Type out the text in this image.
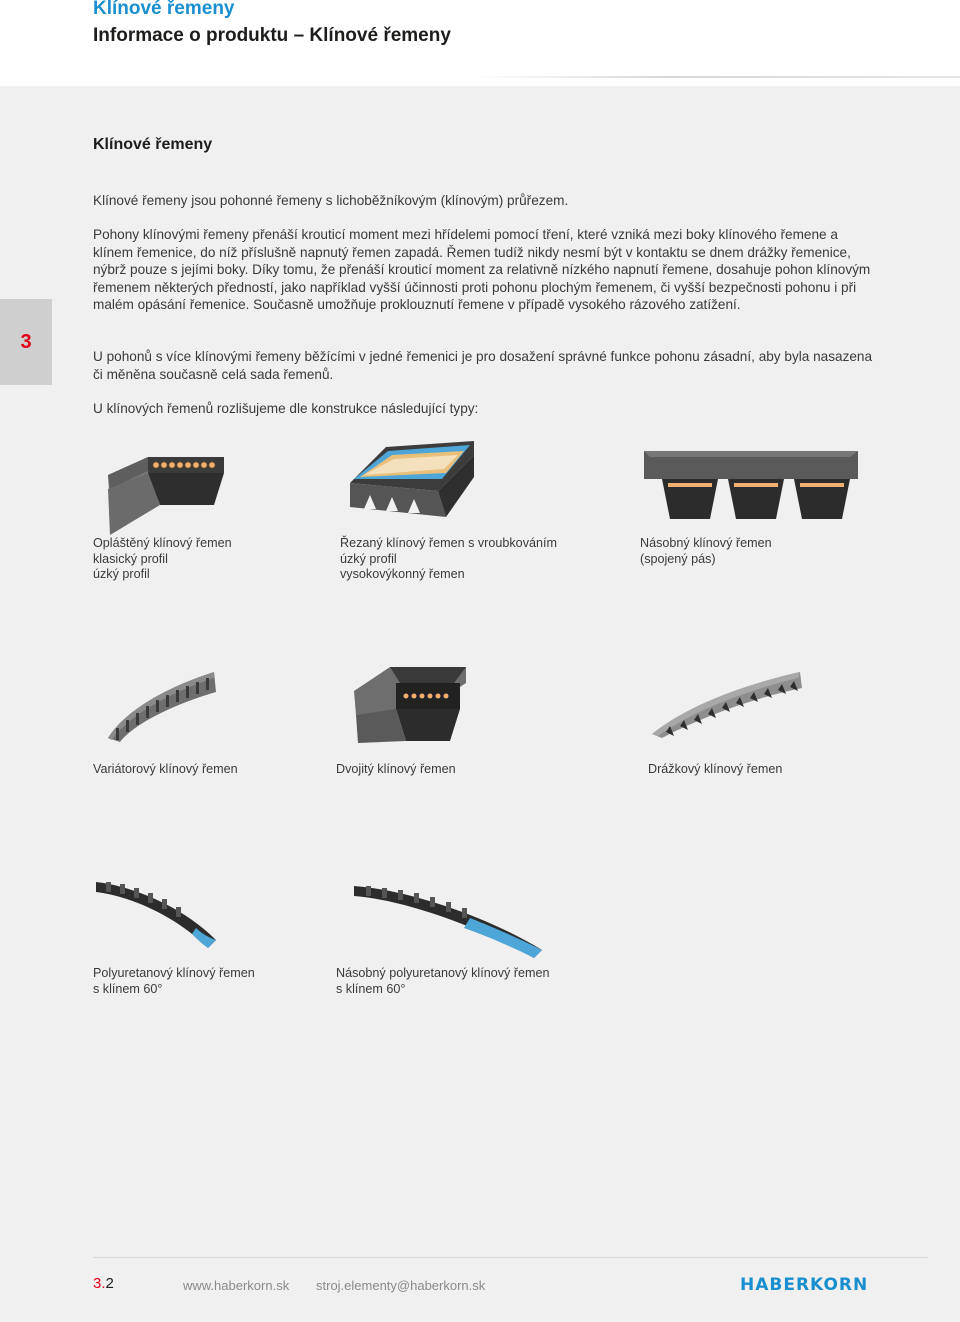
Klínové řemeny
Informace o produktu – Klínové řemeny
3
Klínové řemeny

Klínové řemeny jsou pohonné řemeny s lichoběžníkovým (klínovým) průřezem.

Pohony klínovými řemeny přenáší krouticí moment mezi hřídelemi pomocí tření, které vzniká mezi boky klínového řemene a klínem řemenice, do níž příslušně napnutý řemen zapadá. Řemen tudíž nikdy nesmí být v kontaktu se dnem drážky řemenice, nýbrž pouze s jejími boky. Díky tomu, že přenáší krouticí moment za relativně nízkého napnutí řemene, dosahuje pohon klínovým řemenem některých předností, jako například vyšší účinnosti proti pohonu plochým řemenem, či vyšší bezpečnosti pohonu i při malém opásání řemenice. Současně umožňuje proklouznutí řemene v případě vysokého rázového zatížení.

U pohonů s více klínovými řemeny běžícími v jedné řemenici je pro dosažení správné funkce pohonu zásadní, aby byla nasazena či měněna současně celá sada řemenů.

U klínových řemenů rozlišujeme dle konstrukce následující typy:

Opláštěný klínový řemen
klasický profil
úzký profil
Řezaný klínový řemen s vroubkováním
úzký profil
vysokovýkonný řemen
Násobný klínový řemen
(spojený pás)
Variátorový klínový řemen	Dvojitý klínový řemen	Drážkový klínový řemen
Polyuretanový klínový řemen
s klínem 60°
Násobný polyuretanový klínový řemen
s klínem 60°
3.2	www.haberkorn.sk stroj.elementy@haberkorn.sk	HABERKORN
